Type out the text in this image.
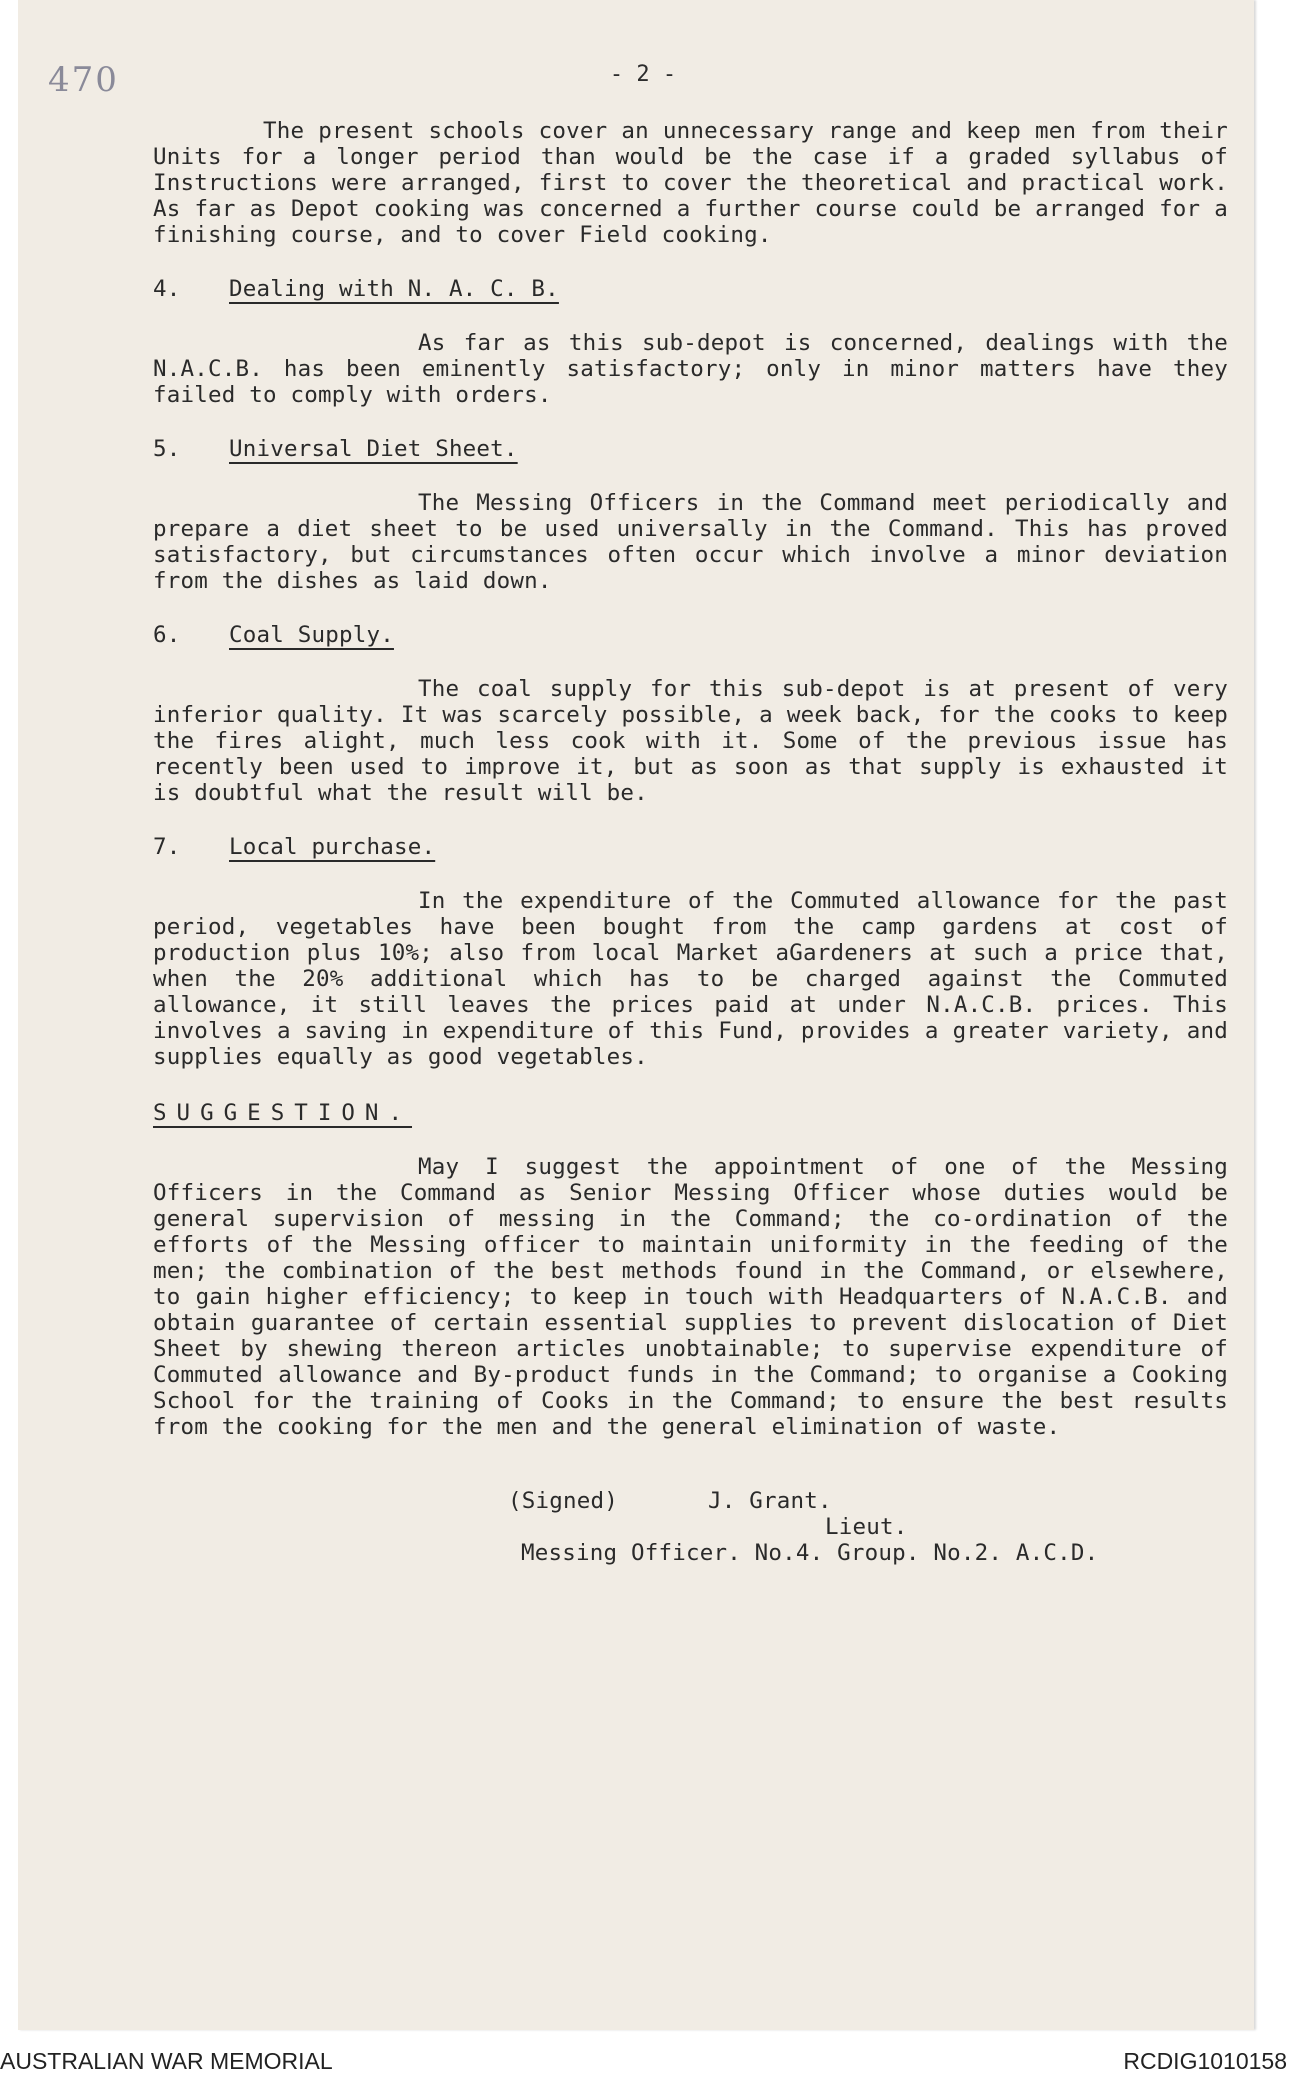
470	- 2 -

The present schools cover an unnecessary range and keep men from their Units for a longer period than would be the case if a graded syllabus of Instructions were arranged, first to cover the theoretical and practical work. As far as Depot cooking was concerned a further course could be arranged for a finishing course, and to cover Field cooking.

4.	Dealing with N. A. C. B.

As far as this sub-depot is concerned, dealings with the N.A.C.B. has been eminently satisfactory; only in minor matters have they failed to comply with orders.

5.	Universal Diet Sheet.

The Messing Officers in the Command meet periodically and prepare a diet sheet to be used universally in the Command. This has proved satisfactory, but circumstances often occur which involve a minor deviation from the dishes as laid down.

6.	Coal Supply.

The coal supply for this sub-depot is at present of very inferior quality. It was scarcely possible, a week back, for the cooks to keep the fires alight, much less cook with it. Some of the previous issue has recently been used to improve it, but as soon as that supply is exhausted it is doubtful what the result will be.

7.	Local purchase.

In the expenditure of the Commuted allowance for the past period, vegetables have been bought from the camp gardens at cost of production plus 10%; also from local Market aGardeners at such a price that, when the 20% additional which has to be charged against the Commuted allowance, it still leaves the prices paid at under N.A.C.B. prices. This involves a saving in expenditure of this Fund, provides a greater variety, and supplies equally as good vegetables.

SUGGESTION.

May I suggest the appointment of one of the Messing Officers in the Command as Senior Messing Officer whose duties would be general supervision of messing in the Command; the co-ordination of the efforts of the Messing officer to maintain uniformity in the feeding of the men; the combination of the best methods found in the Command, or elsewhere, to gain higher efficiency; to keep in touch with Headquarters of N.A.C.B. and obtain guarantee of certain essential supplies to prevent dislocation of Diet Sheet by shewing thereon articles unobtainable; to supervise expenditure of Commuted allowance and By-product funds in the Command; to organise a Cooking School for the training of Cooks in the Command; to ensure the best results from the cooking for the men and the general elimination of waste.

(Signed)	J. Grant.
Lieut.
Messing Officer. No.4. Group. No.2. A.C.D.
AUSTRALIAN WAR MEMORIAL	RCDIG1010158
